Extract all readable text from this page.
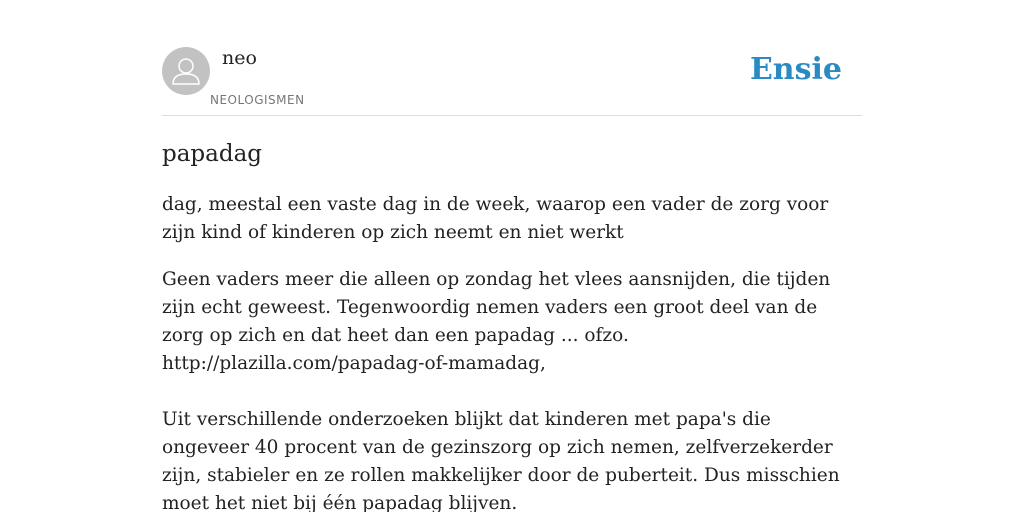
neo
NEOLOGISMEN
Ensie
papadag

dag, meestal een vaste dag in de week, waarop een vader de zorg voor zijn kind of kinderen op zich neemt en niet werkt

Geen vaders meer die alleen op zondag het vlees aansnijden, die tijden zijn echt geweest. Tegenwoordig nemen vaders een groot deel van de zorg op zich en dat heet dan een papadag ... ofzo.
http://plazilla.com/papadag-of-mamadag,

Uit verschillende onderzoeken blijkt dat kinderen met papa's die ongeveer 40 procent van de gezinszorg op zich nemen, zelfverzekerder zijn, stabieler en ze rollen makkelijker door de puberteit. Dus misschien moet het niet bij één papadag blijven.
